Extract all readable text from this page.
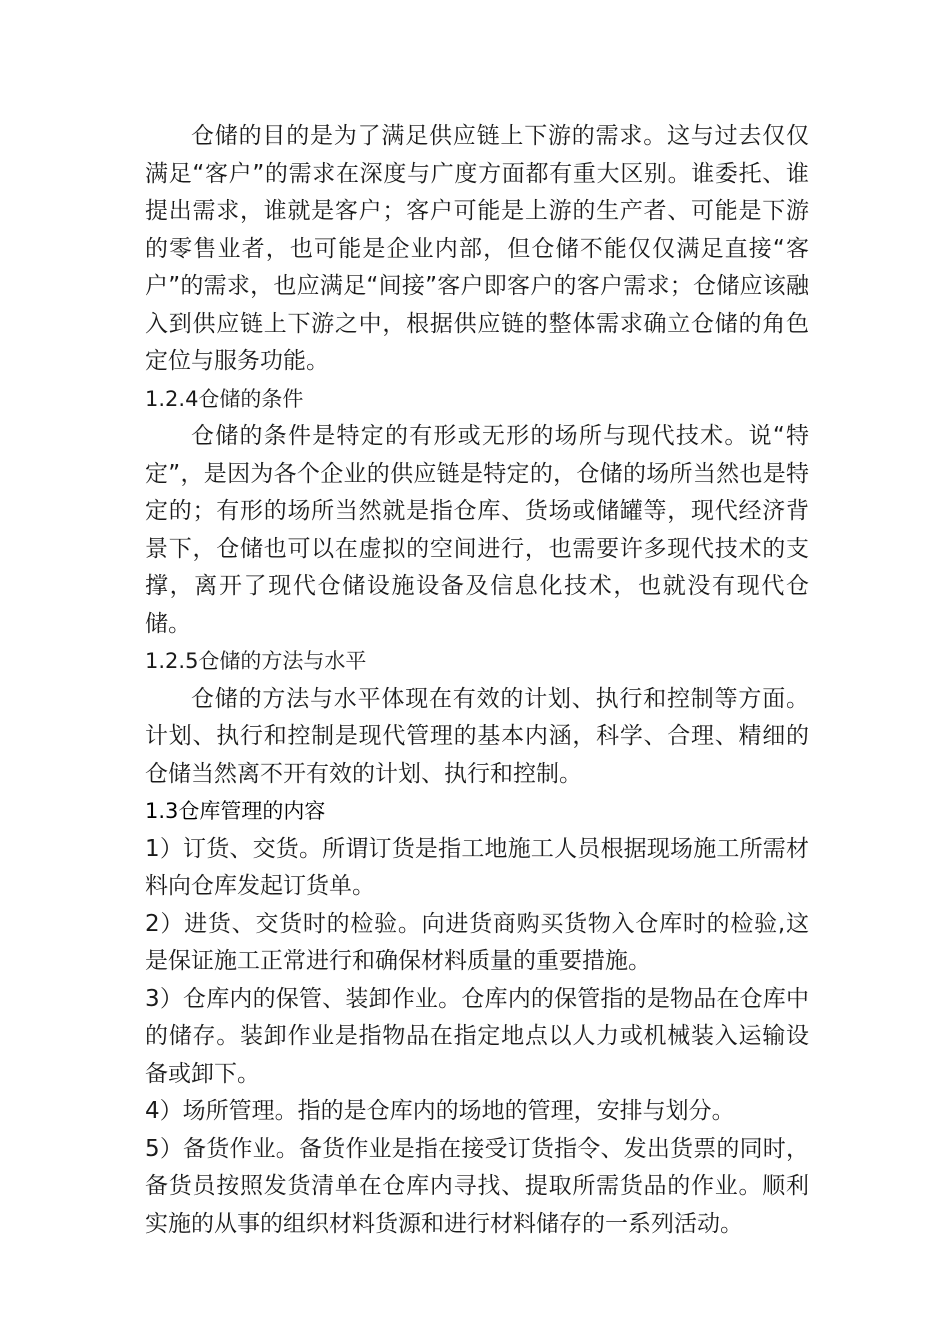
仓储的目的是为了满足供应链上下游的需求。这与过去仅仅满足“客户”的需求在深度与广度方面都有重大区别。谁委托、谁提出需求，谁就是客户；客户可能是上游的生产者、可能是下游的零售业者，也可能是企业内部，但仓储不能仅仅满足直接“客户”的需求，也应满足“间接”客户即客户的客户需求；仓储应该融入到供应链上下游之中，根据供应链的整体需求确立仓储的角色定位与服务功能。

1.2.4仓储的条件

仓储的条件是特定的有形或无形的场所与现代技术。说“特定”，是因为各个企业的供应链是特定的，仓储的场所当然也是特定的；有形的场所当然就是指仓库、货场或储罐等，现代经济背景下，仓储也可以在虚拟的空间进行，也需要许多现代技术的支撑，离开了现代仓储设施设备及信息化技术，也就没有现代仓储。

1.2.5仓储的方法与水平

仓储的方法与水平体现在有效的计划、执行和控制等方面。计划、执行和控制是现代管理的基本内涵，科学、合理、精细的仓储当然离不开有效的计划、执行和控制。

1.3仓库管理的内容

1）订货、交货。所谓订货是指工地施工人员根据现场施工所需材料向仓库发起订货单。

2）进货、交货时的检验。向进货商购买货物入仓库时的检验,这是保证施工正常进行和确保材料质量的重要措施。

3）仓库内的保管、装卸作业。仓库内的保管指的是物品在仓库中的储存。装卸作业是指物品在指定地点以人力或机械装入运输设备或卸下。

4）场所管理。指的是仓库内的场地的管理，安排与划分。

5）备货作业。备货作业是指在接受订货指令、发出货票的同时，备货员按照发货清单在仓库内寻找、提取所需货品的作业。顺利实施的从事的组织材料货源和进行材料储存的一系列活动。
